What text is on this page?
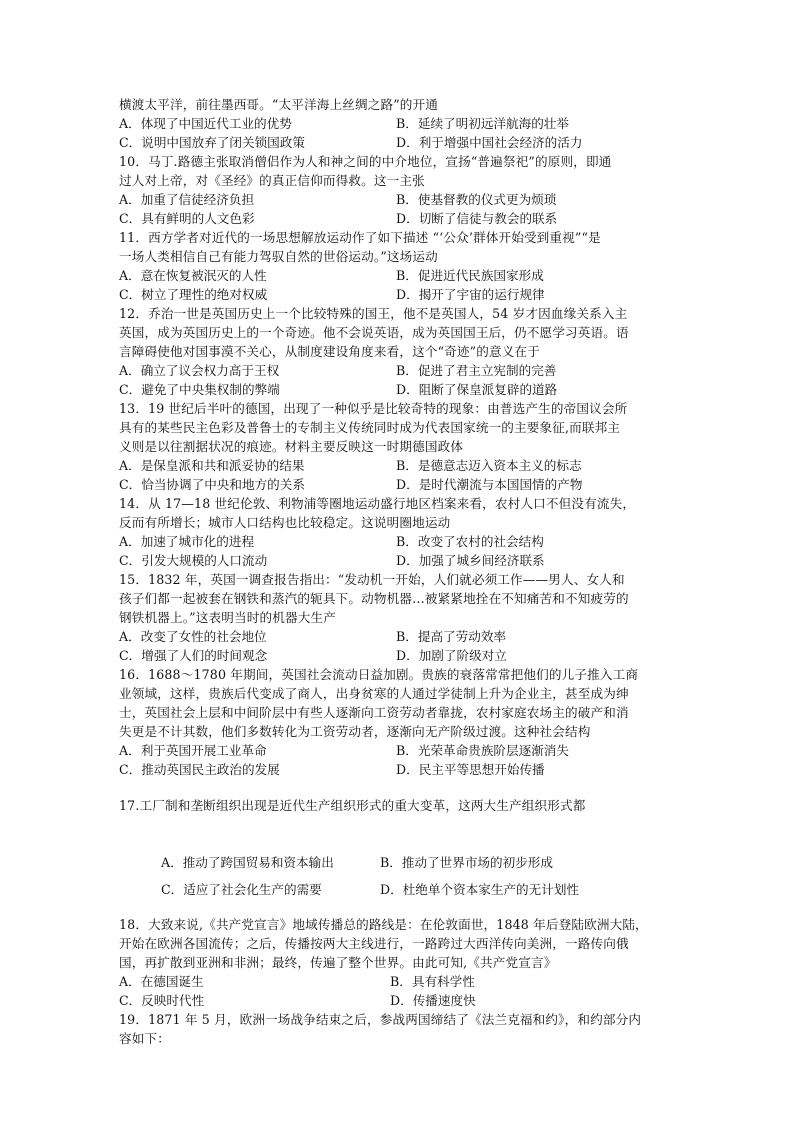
横渡太平洋，前往墨西哥。“太平洋海上丝绸之路”的开通
A．体现了中国近代工业的优势	B．延续了明初远洋航海的壮举
C．说明中国放弃了闭关锁国政策	D．利于增强中国社会经济的活力
10．马丁.路德主张取消僧侣作为人和神之间的中介地位，宣扬“普遍祭祀”的原则，即通
过人对上帝，对《圣经》的真正信仰而得救。这一主张
A．加重了信徒经济负担	B．使基督教的仪式更为烦琐
C．具有鲜明的人文色彩	D．切断了信徒与教会的联系
11．西方学者对近代的一场思想解放运动作了如下描述 “‘公众’群体开始受到重视”“是
一场人类相信自己有能力驾驭自然的世俗运动。”这场运动
A．意在恢复被泯灭的人性	B．促进近代民族国家形成
C．树立了理性的绝对权威	D．揭开了宇宙的运行规律
12．乔治一世是英国历史上一个比较特殊的国王，他不是英国人，54 岁才因血缘关系入主
英国，成为英国历史上的一个奇迹。他不会说英语，成为英国国王后，仍不愿学习英语。语
言障碍使他对国事漠不关心，从制度建设角度来看，这个“奇迹”的意义在于
A．确立了议会权力高于王权	B．促进了君主立宪制的完善
C．避免了中央集权制的弊端	D．阻断了保皇派复辟的道路
13．19 世纪后半叶的德国，出现了一种似乎是比较奇特的现象：由普选产生的帝国议会所
具有的某些民主色彩及普鲁士的专制主义传统同时成为代表国家统一的主要象征,而联邦主
义则是以往割据状况的痕迹。材料主要反映这一时期德国政体
A．是保皇派和共和派妥协的结果	B．是德意志迈入资本主义的标志
C．恰当协调了中央和地方的关系	D．是时代潮流与本国国情的产物
14．从 17—18 世纪伦敦、利物浦等圈地运动盛行地区档案来看，农村人口不但没有流失，
反而有所增长；城市人口结构也比较稳定。这说明圈地运动
A．加速了城市化的进程	B．改变了农村的社会结构
C．引发大规模的人口流动	D．加强了城乡间经济联系
15．1832 年，英国一调查报告指出：“发动机一开始，人们就必须工作——男人、女人和
孩子们都一起被套在钢铁和蒸汽的轭具下。动物机器…被紧紧地拴在不知痛苦和不知疲劳的
钢铁机器上。”这表明当时的机器大生产
A．改变了女性的社会地位	B．提高了劳动效率
C．增强了人们的时间观念	D．加剧了阶级对立
16．1688～1780 年期间，英国社会流动日益加剧。贵族的衰落常常把他们的儿子推入工商
业领域，这样，贵族后代变成了商人，出身贫寒的人通过学徒制上升为企业主，甚至成为绅
士，英国社会上层和中间阶层中有些人逐渐向工资劳动者靠拢，农村家庭农场主的破产和消
失更是不计其数，他们多数转化为工资劳动者，逐渐向无产阶级过渡。这种社会结构
A．利于英国开展工业革命	B．光荣革命贵族阶层逐渐消失
C．推动英国民主政治的发展	D．民主平等思想开始传播
17.工厂制和垄断组织出现是近代生产组织形式的重大变革，这两大生产组织形式都
A．推动了跨国贸易和资本输出	B．推动了世界市场的初步形成
C．适应了社会化生产的需要	D．杜绝单个资本家生产的无计划性
18．大致来说,《共产党宣言》地域传播总的路线是：在伦敦面世，1848 年后登陆欧洲大陆，
开始在欧洲各国流传；之后，传播按两大主线进行，一路跨过大西洋传向美洲，一路传向俄
国，再扩散到亚洲和非洲；最终，传遍了整个世界。由此可知,《共产党宣言》
A．在德国诞生	B．具有科学性
C．反映时代性	D．传播速度快
19．1871 年 5 月，欧洲一场战争结束之后，参战两国缔结了《法兰克福和约》，和约部分内
容如下：
